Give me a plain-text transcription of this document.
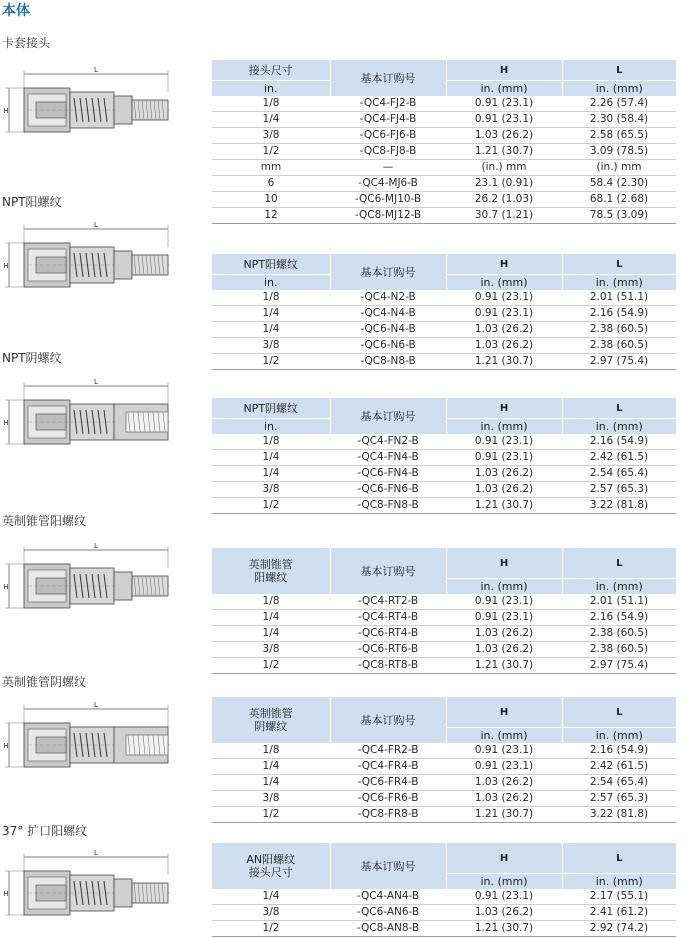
本体
卡套接头
L
H
接头尺寸	基本订购号	H	L
in.		in. (mm)	in. (mm)
1/8	-QC4-FJ2-B	0.91 (23.1)	2.26 (57.4)
1/4	-QC4-FJ4-B	0.91 (23.1)	2.30 (58.4)
3/8	-QC6-FJ6-B	1.03 (26.2)	2.58 (65.5)
1/2	-QC8-FJ8-B	1.21 (30.7)	3.09 (78.5)
mm	—	(in.) mm	(in.) mm
6	-QC4-MJ6-B	23.1 (0.91)	58.4 (2.30)
10	-QC6-MJ10-B	26.2 (1.03)	68.1 (2.68)
12	-QC8-MJ12-B	30.7 (1.21)	78.5 (3.09)
NPT阳螺纹
L
H	NPT阳螺纹	基本订购号	H	L
in.		in. (mm)	in. (mm)
1/8	-QC4-N2-B	0.91 (23.1)	2.01 (51.1)
1/4	-QC4-N4-B	0.91 (23.1)	2.16 (54.9)
1/4	-QC6-N4-B	1.03 (26.2)	2.38 (60.5)
3/8	-QC6-N6-B	1.03 (26.2)	2.38 (60.5)
1/2	-QC8-N8-B	1.21 (30.7)	2.97 (75.4)
NPT阴螺纹
L
H
NPT阴螺纹	基本订购号	H	L
in.		in. (mm)	in. (mm)
1/8	-QC4-FN2-B	0.91 (23.1)	2.16 (54.9)
1/4	-QC4-FN4-B	0.91 (23.1)	2.42 (61.5)
1/4	-QC6-FN4-B	1.03 (26.2)	2.54 (65.4)
3/8	-QC6-FN6-B	1.03 (26.2)	2.57 (65.3)
1/2	-QC8-FN8-B	1.21 (30.7)	3.22 (81.8)
英制锥管阳螺纹
L
H
英制锥管
阳螺纹	基本订购号	H	L
		in. (mm)	in. (mm)
1/8	-QC4-RT2-B	0.91 (23.1)	2.01 (51.1)
1/4	-QC4-RT4-B	0.91 (23.1)	2.16 (54.9)
1/4	-QC6-RT4-B	1.03 (26.2)	2.38 (60.5)
3/8	-QC6-RT6-B	1.03 (26.2)	2.38 (60.5)
1/2	-QC8-RT8-B	1.21 (30.7)	2.97 (75.4)
英制锥管阴螺纹
L
H
英制锥管
阴螺纹	基本订购号	H	L
		in. (mm)	in. (mm)
1/8	-QC4-FR2-B	0.91 (23.1)	2.16 (54.9)
1/4	-QC4-FR4-B	0.91 (23.1)	2.42 (61.5)
1/4	-QC6-FR4-B	1.03 (26.2)	2.54 (65.4)
3/8	-QC6-FR6-B	1.03 (26.2)	2.57 (65.3)
1/2	-QC8-FR8-B	1.21 (30.7)	3.22 (81.8)
37° 扩口阳螺纹
L
H
AN阳螺纹
接头尺寸	基本订购号	H	L
		in. (mm)	in. (mm)
1/4	-QC4-AN4-B	0.91 (23.1)	2.17 (55.1)
3/8	-QC6-AN6-B	1.03 (26.2)	2.41 (61.2)
1/2	-QC8-AN8-B	1.21 (30.7)	2.92 (74.2)
